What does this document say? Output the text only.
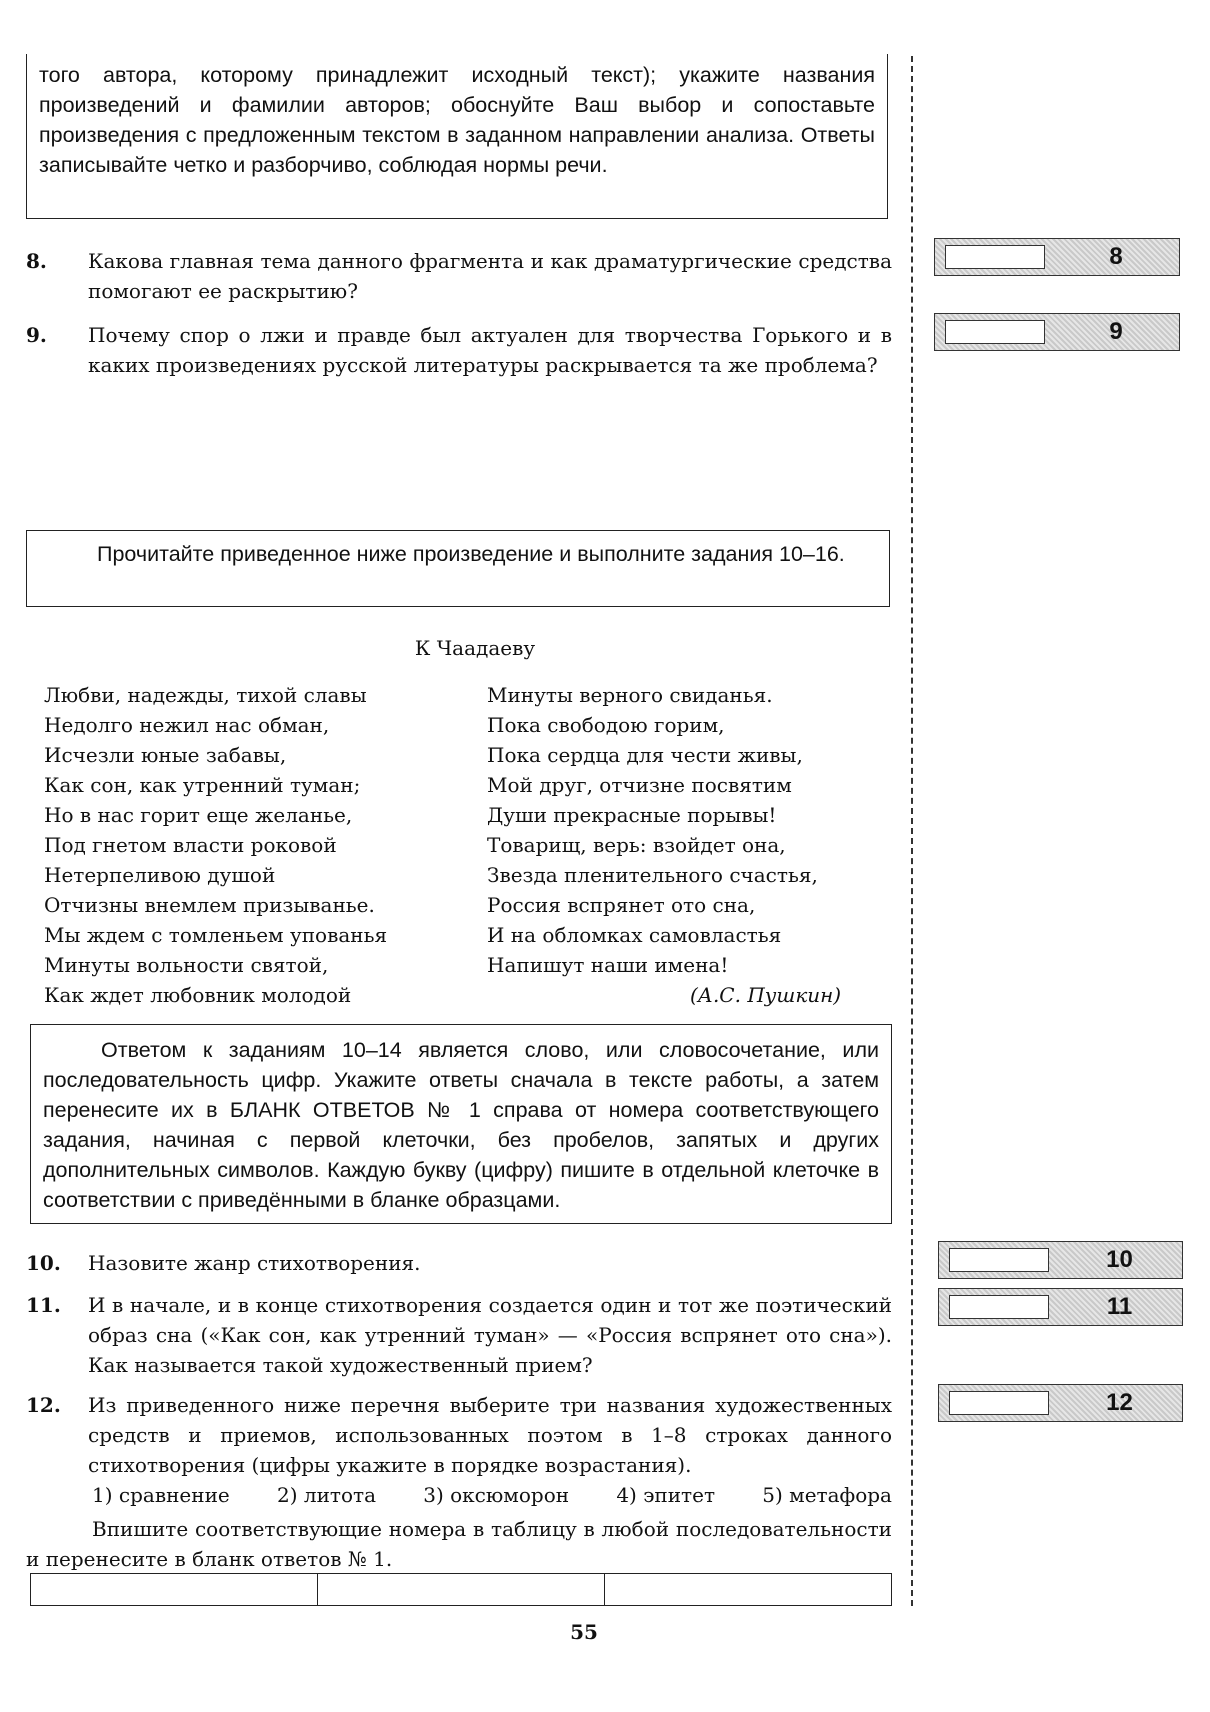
того автора, которому принадлежит исходный текст); укажите названия произведений и фамилии авторов; обоснуйте Ваш выбор и сопоставьте произведения с предложенным текстом в заданном направлении анализа. Ответы записывайте четко и разборчиво, соблюдая нормы речи.
8. Какова главная тема данного фрагмента и как драматургические средства помогают ее раскрытию?
9. Почему спор о лжи и правде был актуален для творчества Горького и в каких произведениях русской литературы раскрывается та же проблема?
Прочитайте приведенное ниже произведение и выполните задания 10–16.
К Чаадаеву
Любви, надежды, тихой славы
Недолго нежил нас обман,
Исчезли юные забавы,
Как сон, как утренний туман;
Но в нас горит еще желанье,
Под гнетом власти роковой
Нетерпеливою душой
Отчизны внемлем призыванье.
Мы ждем с томленьем упованья
Минуты вольности святой,
Как ждет любовник молодой
Минуты верного свиданья.
Пока свободою горим,
Пока сердца для чести живы,
Мой друг, отчизне посвятим
Души прекрасные порывы!
Товарищ, верь: взойдет она,
Звезда пленительного счастья,
Россия вспрянет ото сна,
И на обломках самовластья
Напишут наши имена!
(А.С. Пушкин)
Ответом к заданиям 10–14 является слово, или словосочетание, или последовательность цифр. Укажите ответы сначала в тексте работы, а затем перенесите их в БЛАНК ОТВЕТОВ № 1 справа от номера соответствующего задания, начиная с первой клеточки, без пробелов, запятых и других дополнительных символов. Каждую букву (цифру) пишите в отдельной клеточке в соответствии с приведёнными в бланке образцами.
10. Назовите жанр стихотворения.
11. И в начале, и в конце стихотворения создается один и тот же поэтический образ сна («Как сон, как утренний туман» — «Россия вспрянет ото сна»). Как называется такой художественный прием?
12. Из приведенного ниже перечня выберите три названия художественных средств и приемов, использованных поэтом в 1–8 строках данного стихотворения (цифры укажите в порядке возрастания).
1) сравнение 2) литота 3) оксюморон 4) эпитет 5) метафора
Впишите соответствующие номера в таблицу в любой последовательности и перенесите в бланк ответов № 1.
8
9
10
11
12
55
